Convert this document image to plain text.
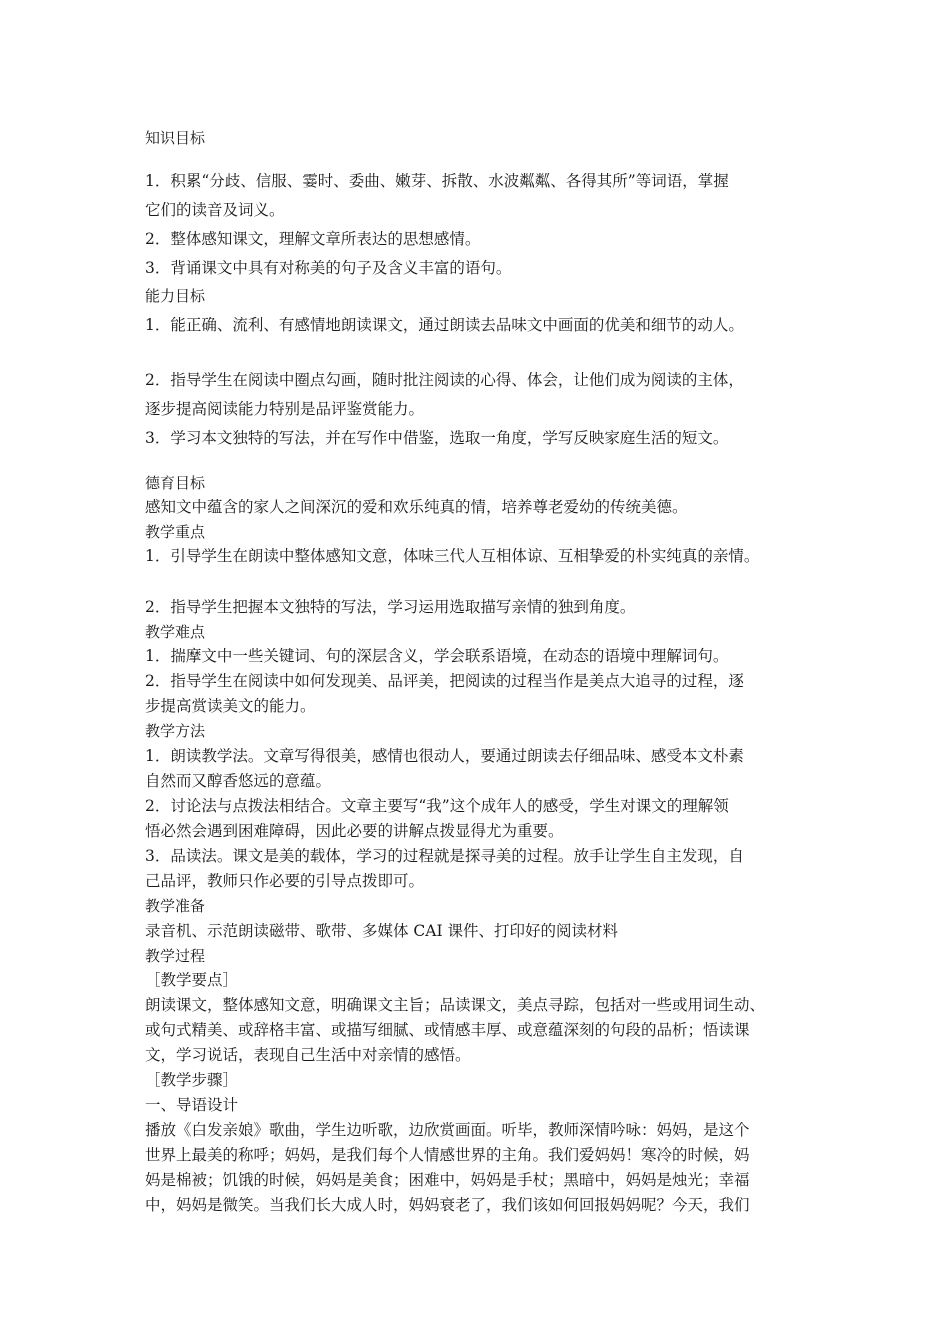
知识目标
1．积累“分歧、信服、霎时、委曲、嫩芽、拆散、水波粼粼、各得其所”等词语，掌握
它们的读音及词义。
2．整体感知课文，理解文章所表达的思想感情。
3．背诵课文中具有对称美的句子及含义丰富的语句。
能力目标
1．能正确、流利、有感情地朗读课文，通过朗读去品味文中画面的优美和细节的动人。
2．指导学生在阅读中圈点勾画，随时批注阅读的心得、体会，让他们成为阅读的主体，
逐步提高阅读能力特别是品评鉴赏能力。
3．学习本文独特的写法，并在写作中借鉴，选取一角度，学写反映家庭生活的短文。
德育目标
感知文中蕴含的家人之间深沉的爱和欢乐纯真的情，培养尊老爱幼的传统美德。
教学重点
1．引导学生在朗读中整体感知文意，体味三代人互相体谅、互相挚爱的朴实纯真的亲情。
2．指导学生把握本文独特的写法，学习运用选取描写亲情的独到角度。
教学难点
1．揣摩文中一些关键词、句的深层含义，学会联系语境，在动态的语境中理解词句。
2．指导学生在阅读中如何发现美、品评美，把阅读的过程当作是美点大追寻的过程，逐
步提高赏读美文的能力。
教学方法
1．朗读教学法。文章写得很美，感情也很动人，要通过朗读去仔细品味、感受本文朴素
自然而又醇香悠远的意蕴。
2．讨论法与点拨法相结合。文章主要写“我”这个成年人的感受，学生对课文的理解领
悟必然会遇到困难障碍，因此必要的讲解点拨显得尤为重要。
3．品读法。课文是美的载体，学习的过程就是探寻美的过程。放手让学生自主发现，自
己品评，教师只作必要的引导点拨即可。
教学准备
录音机、示范朗读磁带、歌带、多媒体 CAI 课件、打印好的阅读材料
教学过程
［教学要点］
朗读课文，整体感知文意，明确课文主旨；品读课文，美点寻踪，包括对一些或用词生动、
或句式精美、或辞格丰富、或描写细腻、或情感丰厚、或意蕴深刻的句段的品析；悟读课
文，学习说话，表现自己生活中对亲情的感悟。
［教学步骤］
一、导语设计
播放《白发亲娘》歌曲，学生边听歌，边欣赏画面。听毕，教师深情吟咏：妈妈，是这个
世界上最美的称呼；妈妈，是我们每个人情感世界的主角。我们爱妈妈！寒冷的时候，妈
妈是棉被；饥饿的时候，妈妈是美食；困难中，妈妈是手杖；黑暗中，妈妈是烛光；幸福
中，妈妈是微笑。当我们长大成人时，妈妈衰老了，我们该如何回报妈妈呢？今天，我们
